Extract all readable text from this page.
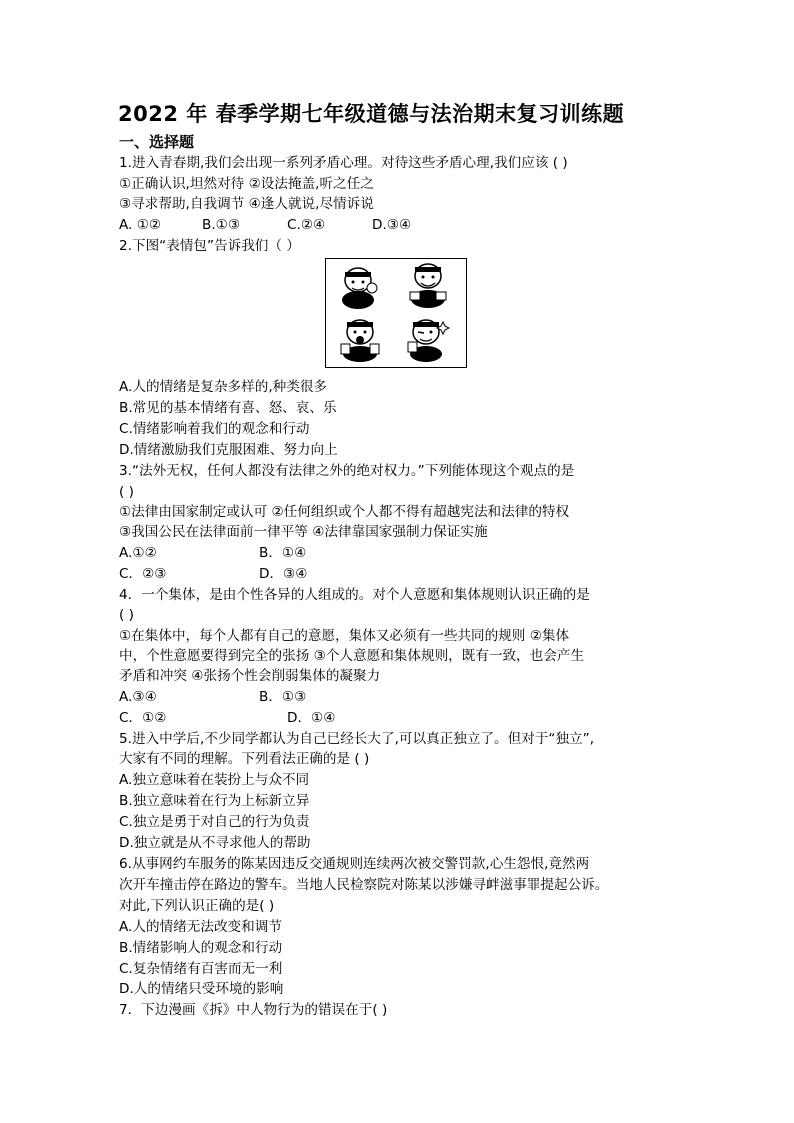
2022 年 春季学期七年级道德与法治期末复习训练题
一、选择题
1.进入青春期,我们会出现一系列矛盾心理。对待这些矛盾心理,我们应该 ( )
①正确认识,坦然对待 ②设法掩盖,听之任之
③寻求帮助,自我调节 ④逢人就说,尽情诉说
A. ①②	B.①③	C.②④	D.③④
2.下图“表情包”告诉我们（ ）
A.人的情绪是复杂多样的,种类很多
B.常见的基本情绪有喜、怒、哀、乐
C.情绪影响着我们的观念和行动
D.情绪激励我们克服困难、努力向上
3.“法外无权，任何人都没有法律之外的绝对权力。”下列能体现这个观点的是
( )
①法律由国家制定或认可 ②任何组织或个人都不得有超越宪法和法律的特权
③我国公民在法律面前一律平等 ④法律靠国家强制力保证实施
A.①②	B．①④
C．②③	D．③④
4．一个集体，是由个性各异的人组成的。对个人意愿和集体规则认识正确的是
( )
①在集体中，每个人都有自己的意愿，集体又必须有一些共同的规则 ②集体
中，个性意愿要得到完全的张扬 ③个人意愿和集体规则，既有一致，也会产生
矛盾和冲突 ④张扬个性会削弱集体的凝聚力
A.③④	B．①③
C．①②	D．①④
5.进入中学后,不少同学都认为自己已经长大了,可以真正独立了。但对于“独立”,
大家有不同的理解。下列看法正确的是 ( )
A.独立意味着在装扮上与众不同
B.独立意味着在行为上标新立异
C.独立是勇于对自己的行为负责
D.独立就是从不寻求他人的帮助
6.从事网约车服务的陈某因违反交通规则连续两次被交警罚款,心生怨恨,竟然两
次开车撞击停在路边的警车。当地人民检察院对陈某以涉嫌寻衅滋事罪提起公诉。
对此,下列认识正确的是( )
A.人的情绪无法改变和调节
B.情绪影响人的观念和行动
C.复杂情绪有百害而无一利
D.人的情绪只受环境的影响
7．下边漫画《拆》中人物行为的错误在于( )
